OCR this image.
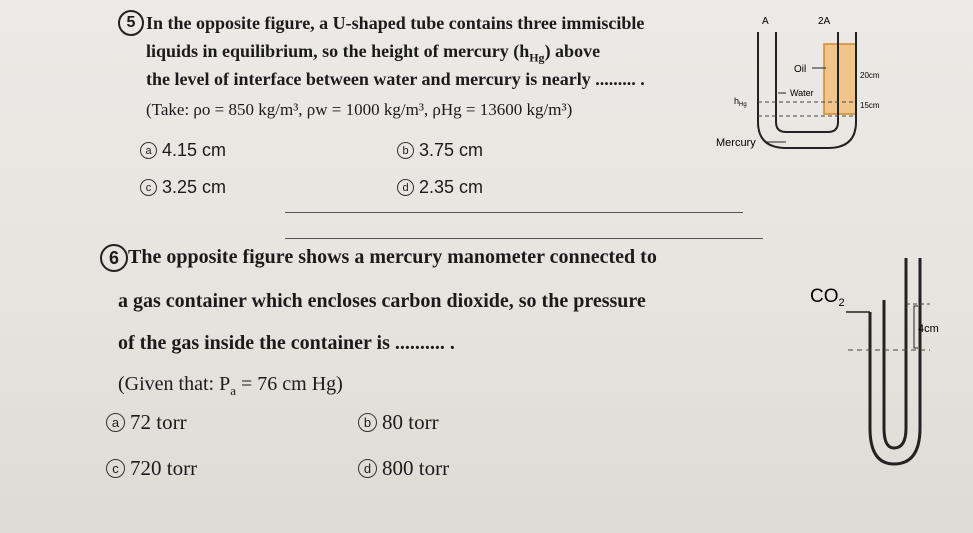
5 In the opposite figure, a U-shaped tube contains three immiscible
liquids in equilibrium, so the height of mercury $(h_{Hg})$ above
the level of interface between water and mercury is nearly ......... .
(Take: ρo = 850 kg/m³, ρw = 1000 kg/m³, ρHg = 13600 kg/m³)
a 4.15 cm	b 3.75 cm
c 3.25 cm	d 2.35 cm
A	2A
Oil
Water
20cm
15cm
$h_{Hg}$
Mercury
6 The opposite figure shows a mercury manometer connected to
a gas container which encloses carbon dioxide, so the pressure
of the gas inside the container is .......... .
(Given that: $P_a = 76$ cm Hg)
a 72 torr	b 80 torr
c 720 torr	d 800 torr
$CO_2$
4cm
